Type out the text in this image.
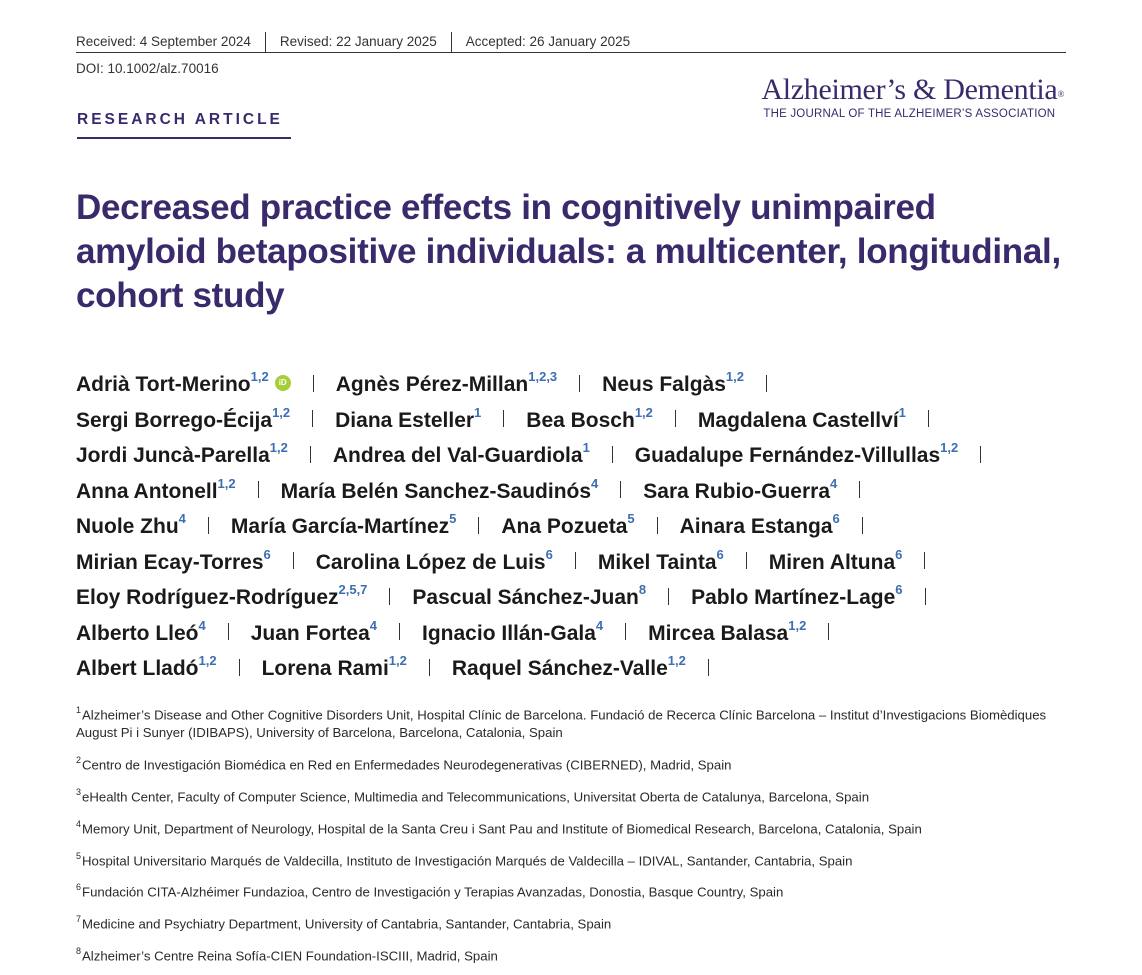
Received: 4 September 2024	Revised: 22 January 2025	Accepted: 26 January 2025
DOI: 10.1002/alz.70016
Alzheimer’s & Dementia®
THE JOURNAL OF THE ALZHEIMER’S ASSOCIATION
RESEARCH ARTICLE
Decreased practice effects in cognitively unimpaired amyloid betapositive individuals: a multicenter, longitudinal, cohort study
Adrià Tort-Merino$^{1,2}$ iD Agnès Pérez-Millan$^{1,2,3}$ Neus Falgàs$^{1,2}$
Sergi Borrego-Écija$^{1,2}$ Diana Esteller$^1$ Bea Bosch$^{1,2}$ Magdalena Castellví$^1$
Jordi Juncà-Parella$^{1,2}$ Andrea del Val-Guardiola$^1$ Guadalupe Fernández-Villullas$^{1,2}$
Anna Antonell$^{1,2}$ María Belén Sanchez-Saudinós$^4$ Sara Rubio-Guerra$^4$
Nuole Zhu$^4$ María García-Martínez$^5$ Ana Pozueta$^5$ Ainara Estanga$^6$
Mirian Ecay-Torres$^6$ Carolina López de Luis$^6$ Mikel Tainta$^6$ Miren Altuna$^6$
Eloy Rodríguez-Rodríguez$^{2,5,7}$ Pascual Sánchez-Juan$^8$ Pablo Martínez-Lage$^6$
Alberto Lleó$^4$ Juan Fortea$^4$ Ignacio Illán-Gala$^4$ Mircea Balasa$^{1,2}$
Albert Lladó$^{1,2}$ Lorena Rami$^{1,2}$ Raquel Sánchez-Valle$^{1,2}$
$^1$Alzheimer’s Disease and Other Cognitive Disorders Unit, Hospital Clínic de Barcelona. Fundació de Recerca Clínic Barcelona – Institut d’Investigacions Biomèdiques August Pi i Sunyer (IDIBAPS), University of Barcelona, Barcelona, Catalonia, Spain
$^2$Centro de Investigación Biomédica en Red en Enfermedades Neurodegenerativas (CIBERNED), Madrid, Spain
$^3$eHealth Center, Faculty of Computer Science, Multimedia and Telecommunications, Universitat Oberta de Catalunya, Barcelona, Spain
$^4$Memory Unit, Department of Neurology, Hospital de la Santa Creu i Sant Pau and Institute of Biomedical Research, Barcelona, Catalonia, Spain
$^5$Hospital Universitario Marqués de Valdecilla, Instituto de Investigación Marqués de Valdecilla – IDIVAL, Santander, Cantabria, Spain
$^6$Fundación CITA-Alzhéimer Fundazioa, Centro de Investigación y Terapias Avanzadas, Donostia, Basque Country, Spain
$^7$Medicine and Psychiatry Department, University of Cantabria, Santander, Cantabria, Spain
$^8$Alzheimer’s Centre Reina Sofía-CIEN Foundation-ISCIII, Madrid, Spain
